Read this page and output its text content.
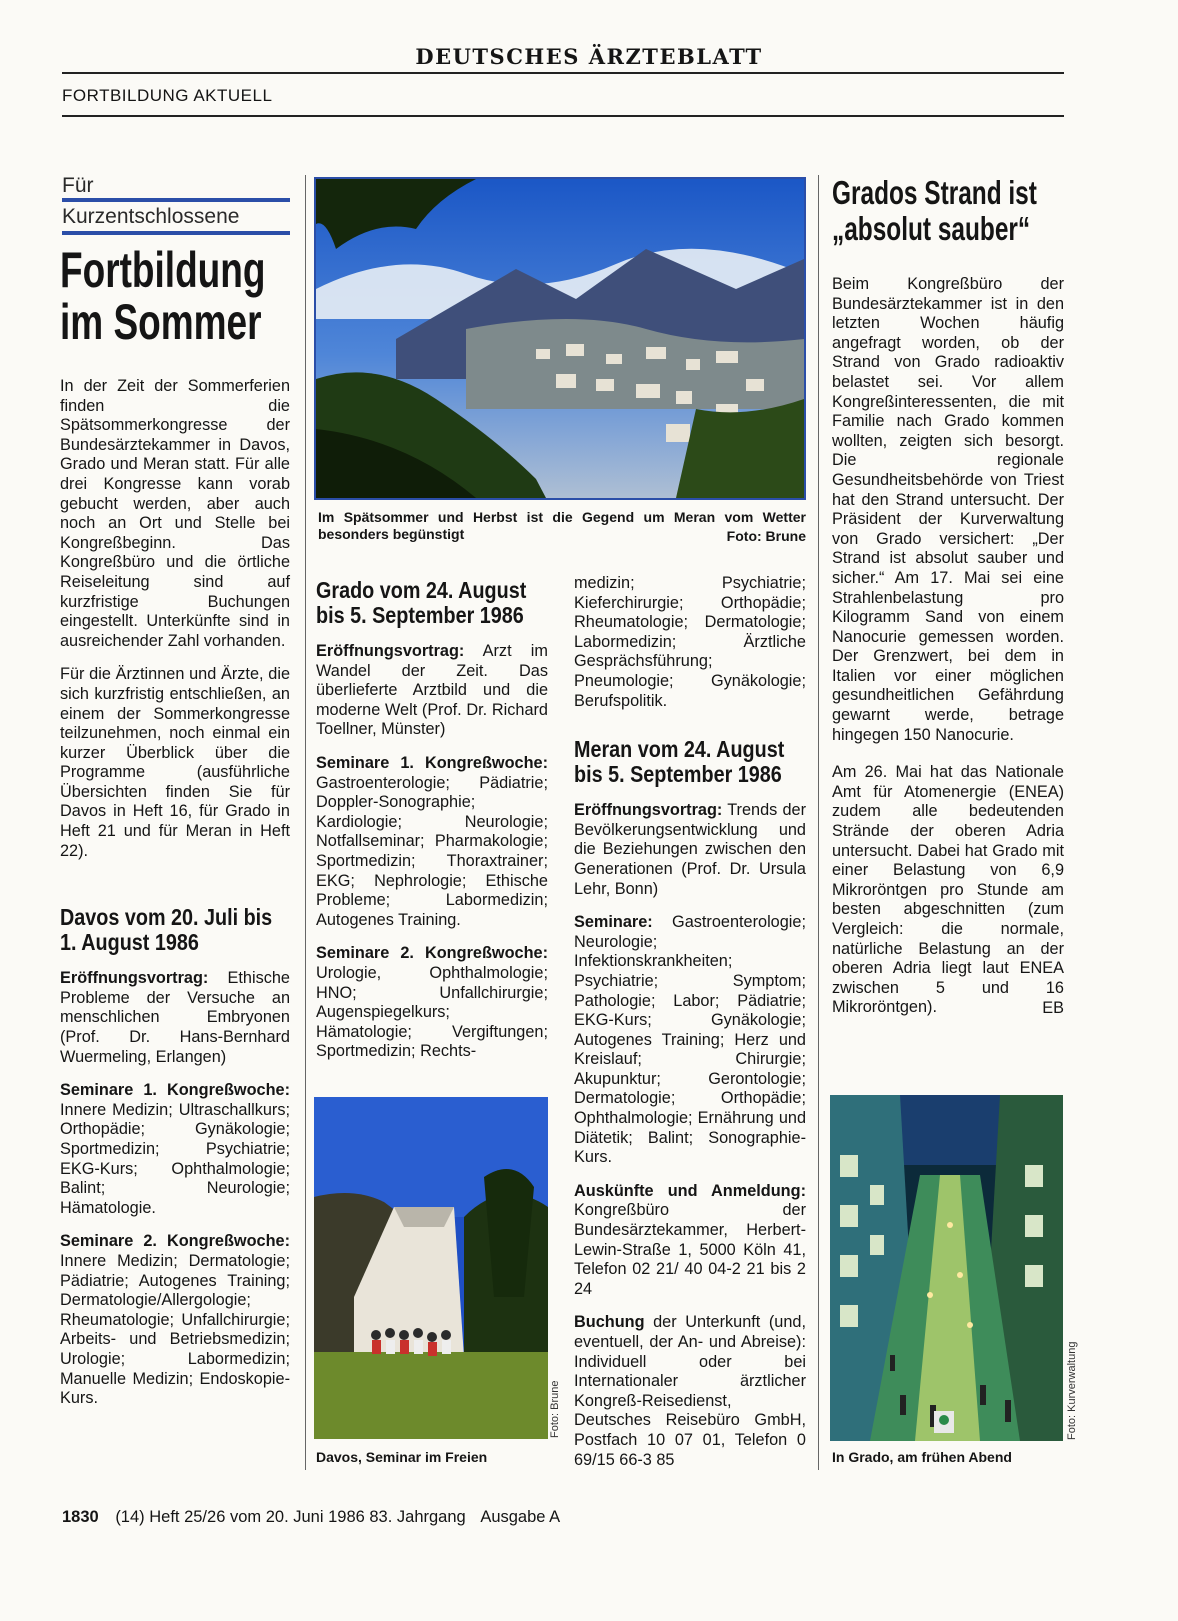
DEUTSCHES ÄRZTEBLATT
FORTBILDUNG AKTUELL
Für
Kurzentschlossene
Fortbildung
im Sommer

In der Zeit der Sommerferien finden die Spätsommerkongresse der Bundesärztekammer in Davos, Grado und Meran statt. Für alle drei Kongresse kann vorab gebucht werden, aber auch noch an Ort und Stelle bei Kongreßbeginn. Das Kongreßbüro und die örtliche Reiseleitung sind auf kurzfristige Buchungen eingestellt. Unterkünfte sind in ausreichender Zahl vorhanden.

Für die Ärztinnen und Ärzte, die sich kurzfristig entschließen, an einem der Sommerkongresse teilzunehmen, noch einmal ein kurzer Überblick über die Programme (ausführliche Übersichten finden Sie für Davos in Heft 16, für Grado in Heft 21 und für Meran in Heft 22).

Davos vom 20. Juli bis 1. August 1986

Eröffnungsvortrag: Ethische Probleme der Versuche an menschlichen Embryonen (Prof. Dr. Hans-Bernhard Wuermeling, Erlangen)

Seminare 1. Kongreßwoche: Innere Medizin; Ultraschallkurs; Orthopädie; Gynäkologie; Sportmedizin; Psychiatrie; EKG-Kurs; Ophthalmologie; Balint; Neurologie; Hämatologie.

Seminare 2. Kongreßwoche: Innere Medizin; Dermatologie; Pädiatrie; Autogenes Training; Dermatologie/Allergologie; Rheumatologie; Unfallchirurgie; Arbeits- und Betriebsmedizin; Urologie; Labormedizin; Manuelle Medizin; Endoskopie-Kurs.

Im Spätsommer und Herbst ist die Gegend um Meran vom Wetter besonders begünstigt	Foto: Brune
Grado vom 24. August bis 5. September 1986

Eröffnungsvortrag: Arzt im Wandel der Zeit. Das überlieferte Arztbild und die moderne Welt (Prof. Dr. Richard Toellner, Münster)

Seminare 1. Kongreßwoche: Gastroenterologie; Pädiatrie; Doppler-Sonographie; Kardiologie; Neurologie; Notfallseminar; Pharmakologie; Sportmedizin; Thoraxtrainer; EKG; Nephrologie; Ethische Probleme; Labormedizin; Autogenes Training.

Seminare 2. Kongreßwoche: Urologie, Ophthalmologie; HNO; Unfallchirurgie; Augenspiegelkurs; Hämatologie; Vergiftungen; Sportmedizin; Rechts-

Foto: Brune
Davos, Seminar im Freien

medizin; Psychiatrie; Kieferchirurgie; Orthopädie; Rheumatologie; Dermatologie; Labormedizin; Ärztliche Gesprächsführung; Pneumologie; Gynäkologie; Berufspolitik.

Meran vom 24. August bis 5. September 1986

Eröffnungsvortrag: Trends der Bevölkerungsentwicklung und die Beziehungen zwischen den Generationen (Prof. Dr. Ursula Lehr, Bonn)

Seminare: Gastroenterologie; Neurologie; Infektionskrankheiten; Psychiatrie; Symptom; Pathologie; Labor; Pädiatrie; EKG-Kurs; Gynäkologie; Autogenes Training; Herz und Kreislauf; Chirurgie; Akupunktur; Gerontologie; Dermatologie; Orthopädie; Ophthalmologie; Ernährung und Diätetik; Balint; Sonographie-Kurs.

Auskünfte und Anmeldung: Kongreßbüro der Bundesärztekammer, Herbert-Lewin-Straße 1, 5000 Köln 41, Telefon 02 21/ 40 04-2 21 bis 2 24

Buchung der Unterkunft (und, eventuell, der An- und Abreise): Individuell oder bei Internationaler ärztlicher Kongreß-Reisedienst, Deutsches Reisebüro GmbH, Postfach 10 07 01, Telefon 0 69/15 66-3 85

Grados Strand ist
„absolut sauber“

Beim Kongreßbüro der Bundesärztekammer ist in den letzten Wochen häufig angefragt worden, ob der Strand von Grado radioaktiv belastet sei. Vor allem Kongreßinteressenten, die mit Familie nach Grado kommen wollten, zeigten sich besorgt. Die regionale Gesundheitsbehörde von Triest hat den Strand untersucht. Der Präsident der Kurverwaltung von Grado versichert: „Der Strand ist absolut sauber und sicher.“ Am 17. Mai sei eine Strahlenbelastung pro Kilogramm Sand von einem Nanocurie gemessen worden. Der Grenzwert, bei dem in Italien vor einer möglichen gesundheitlichen Gefährdung gewarnt werde, betrage hingegen 150 Nanocurie.

Am 26. Mai hat das Nationale Amt für Atomenergie (ENEA) zudem alle bedeutenden Strände der oberen Adria untersucht. Dabei hat Grado mit einer Belastung von 6,9 Mikroröntgen pro Stunde am besten abgeschnitten (zum Vergleich: die normale, natürliche Belastung an der oberen Adria liegt laut ENEA zwischen 5 und 16 Mikroröntgen).	EB
Foto: Kurverwaltung
In Grado, am frühen Abend
1830 (14) Heft 25/26 vom 20. Juni 1986 83. Jahrgang Ausgabe A
